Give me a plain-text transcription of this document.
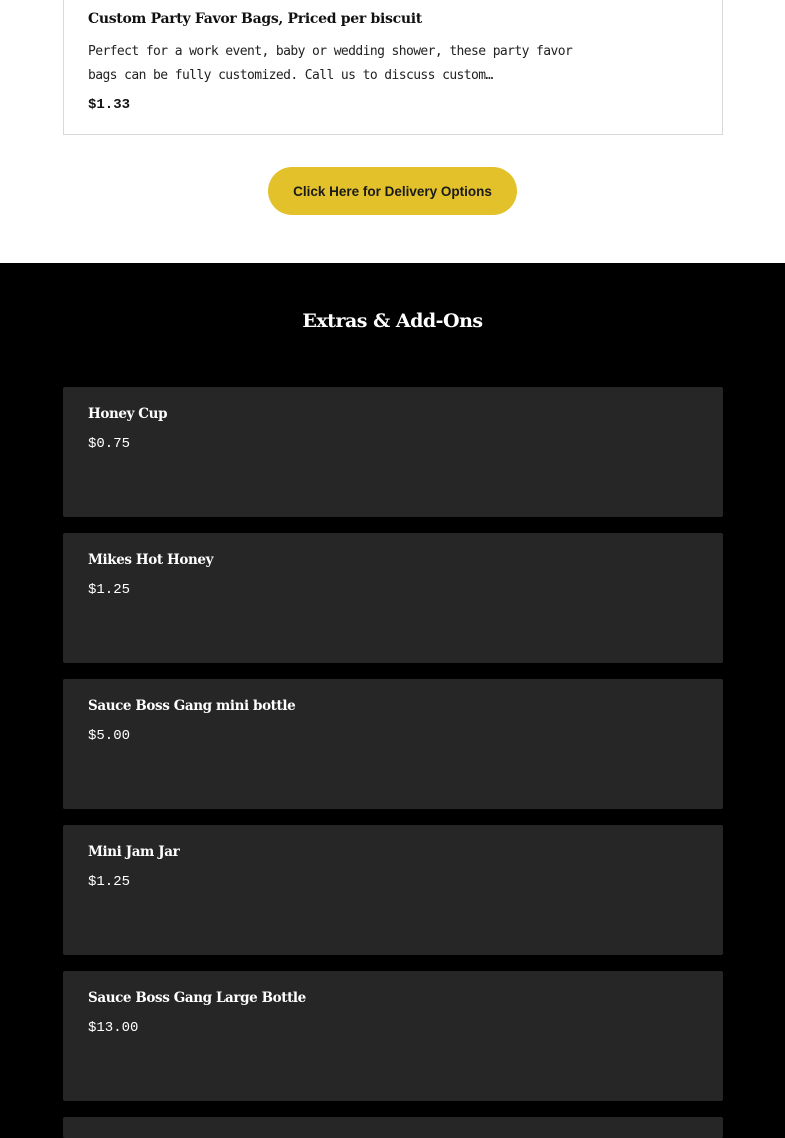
Custom Party Favor Bags, Priced per biscuit
Perfect for a work event, baby or wedding shower, these party favor bags can be fully customized. Call us to discuss custom…
$1.33
Click Here for Delivery Options
Extras & Add-Ons
Honey Cup
$0.75
Mikes Hot Honey
$1.25
Sauce Boss Gang mini bottle
$5.00
Mini Jam Jar
$1.25
Sauce Boss Gang Large Bottle
$13.00
